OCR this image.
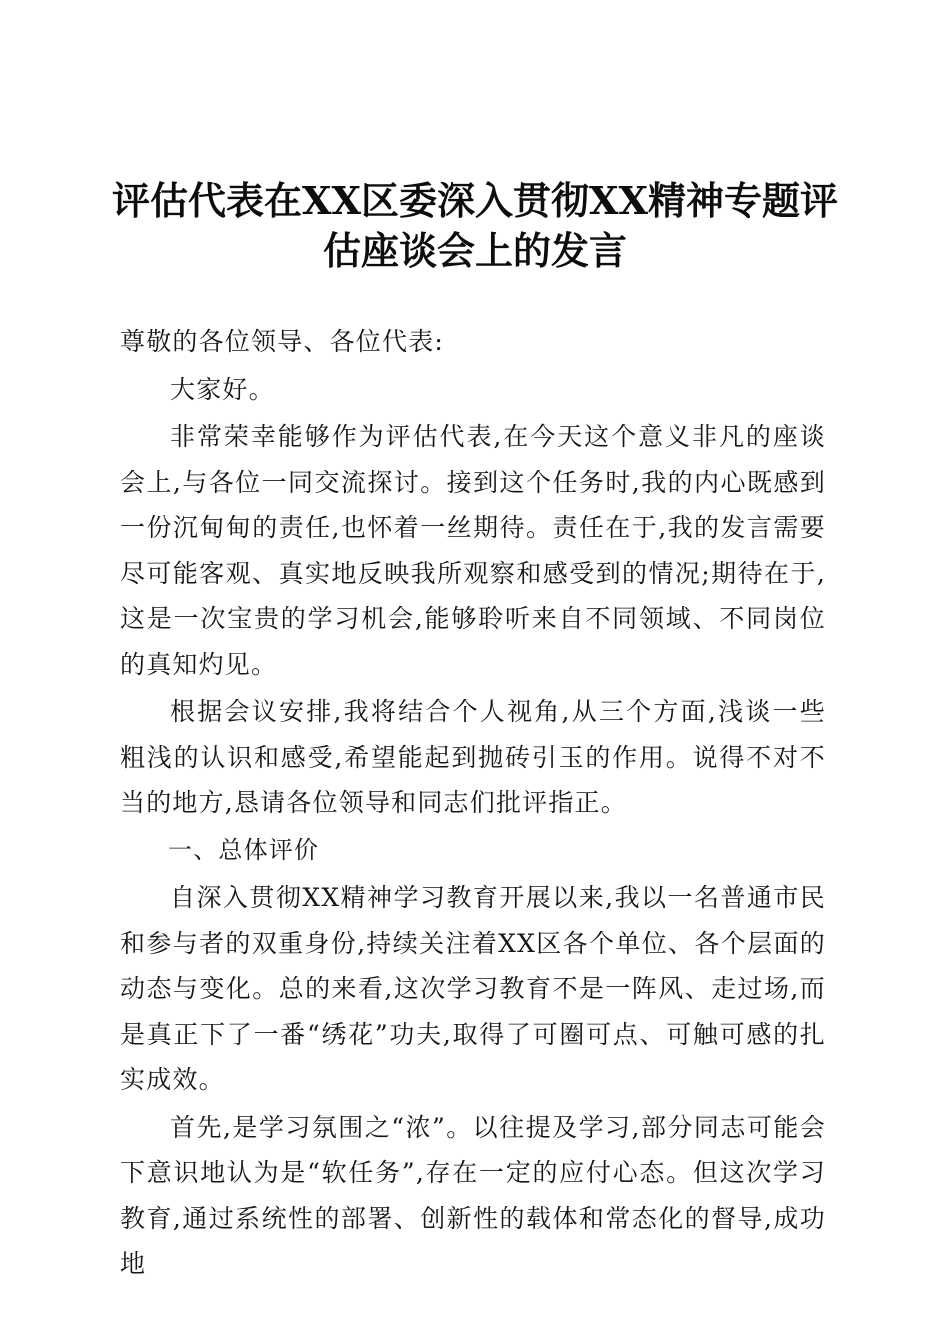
评估代表在XX区委深入贯彻XX精神专题评估座谈会上的发言

尊敬的各位领导、各位代表:

大家好。

非常荣幸能够作为评估代表,在今天这个意义非凡的座谈会上,与各位一同交流探讨。接到这个任务时,我的内心既感到一份沉甸甸的责任,也怀着一丝期待。责任在于,我的发言需要尽可能客观、真实地反映我所观察和感受到的情况;期待在于,这是一次宝贵的学习机会,能够聆听来自不同领域、不同岗位的真知灼见。

根据会议安排,我将结合个人视角,从三个方面,浅谈一些粗浅的认识和感受,希望能起到抛砖引玉的作用。说得不对不当的地方,恳请各位领导和同志们批评指正。

一、总体评价

自深入贯彻XX精神学习教育开展以来,我以一名普通市民和参与者的双重身份,持续关注着XX区各个单位、各个层面的动态与变化。总的来看,这次学习教育不是一阵风、走过场,而是真正下了一番“绣花”功夫,取得了可圈可点、可触可感的扎实成效。

首先,是学习氛围之“浓”。以往提及学习,部分同志可能会下意识地认为是“软任务”,存在一定的应付心态。但这次学习教育,通过系统性的部署、创新性的载体和常态化的督导,成功地
